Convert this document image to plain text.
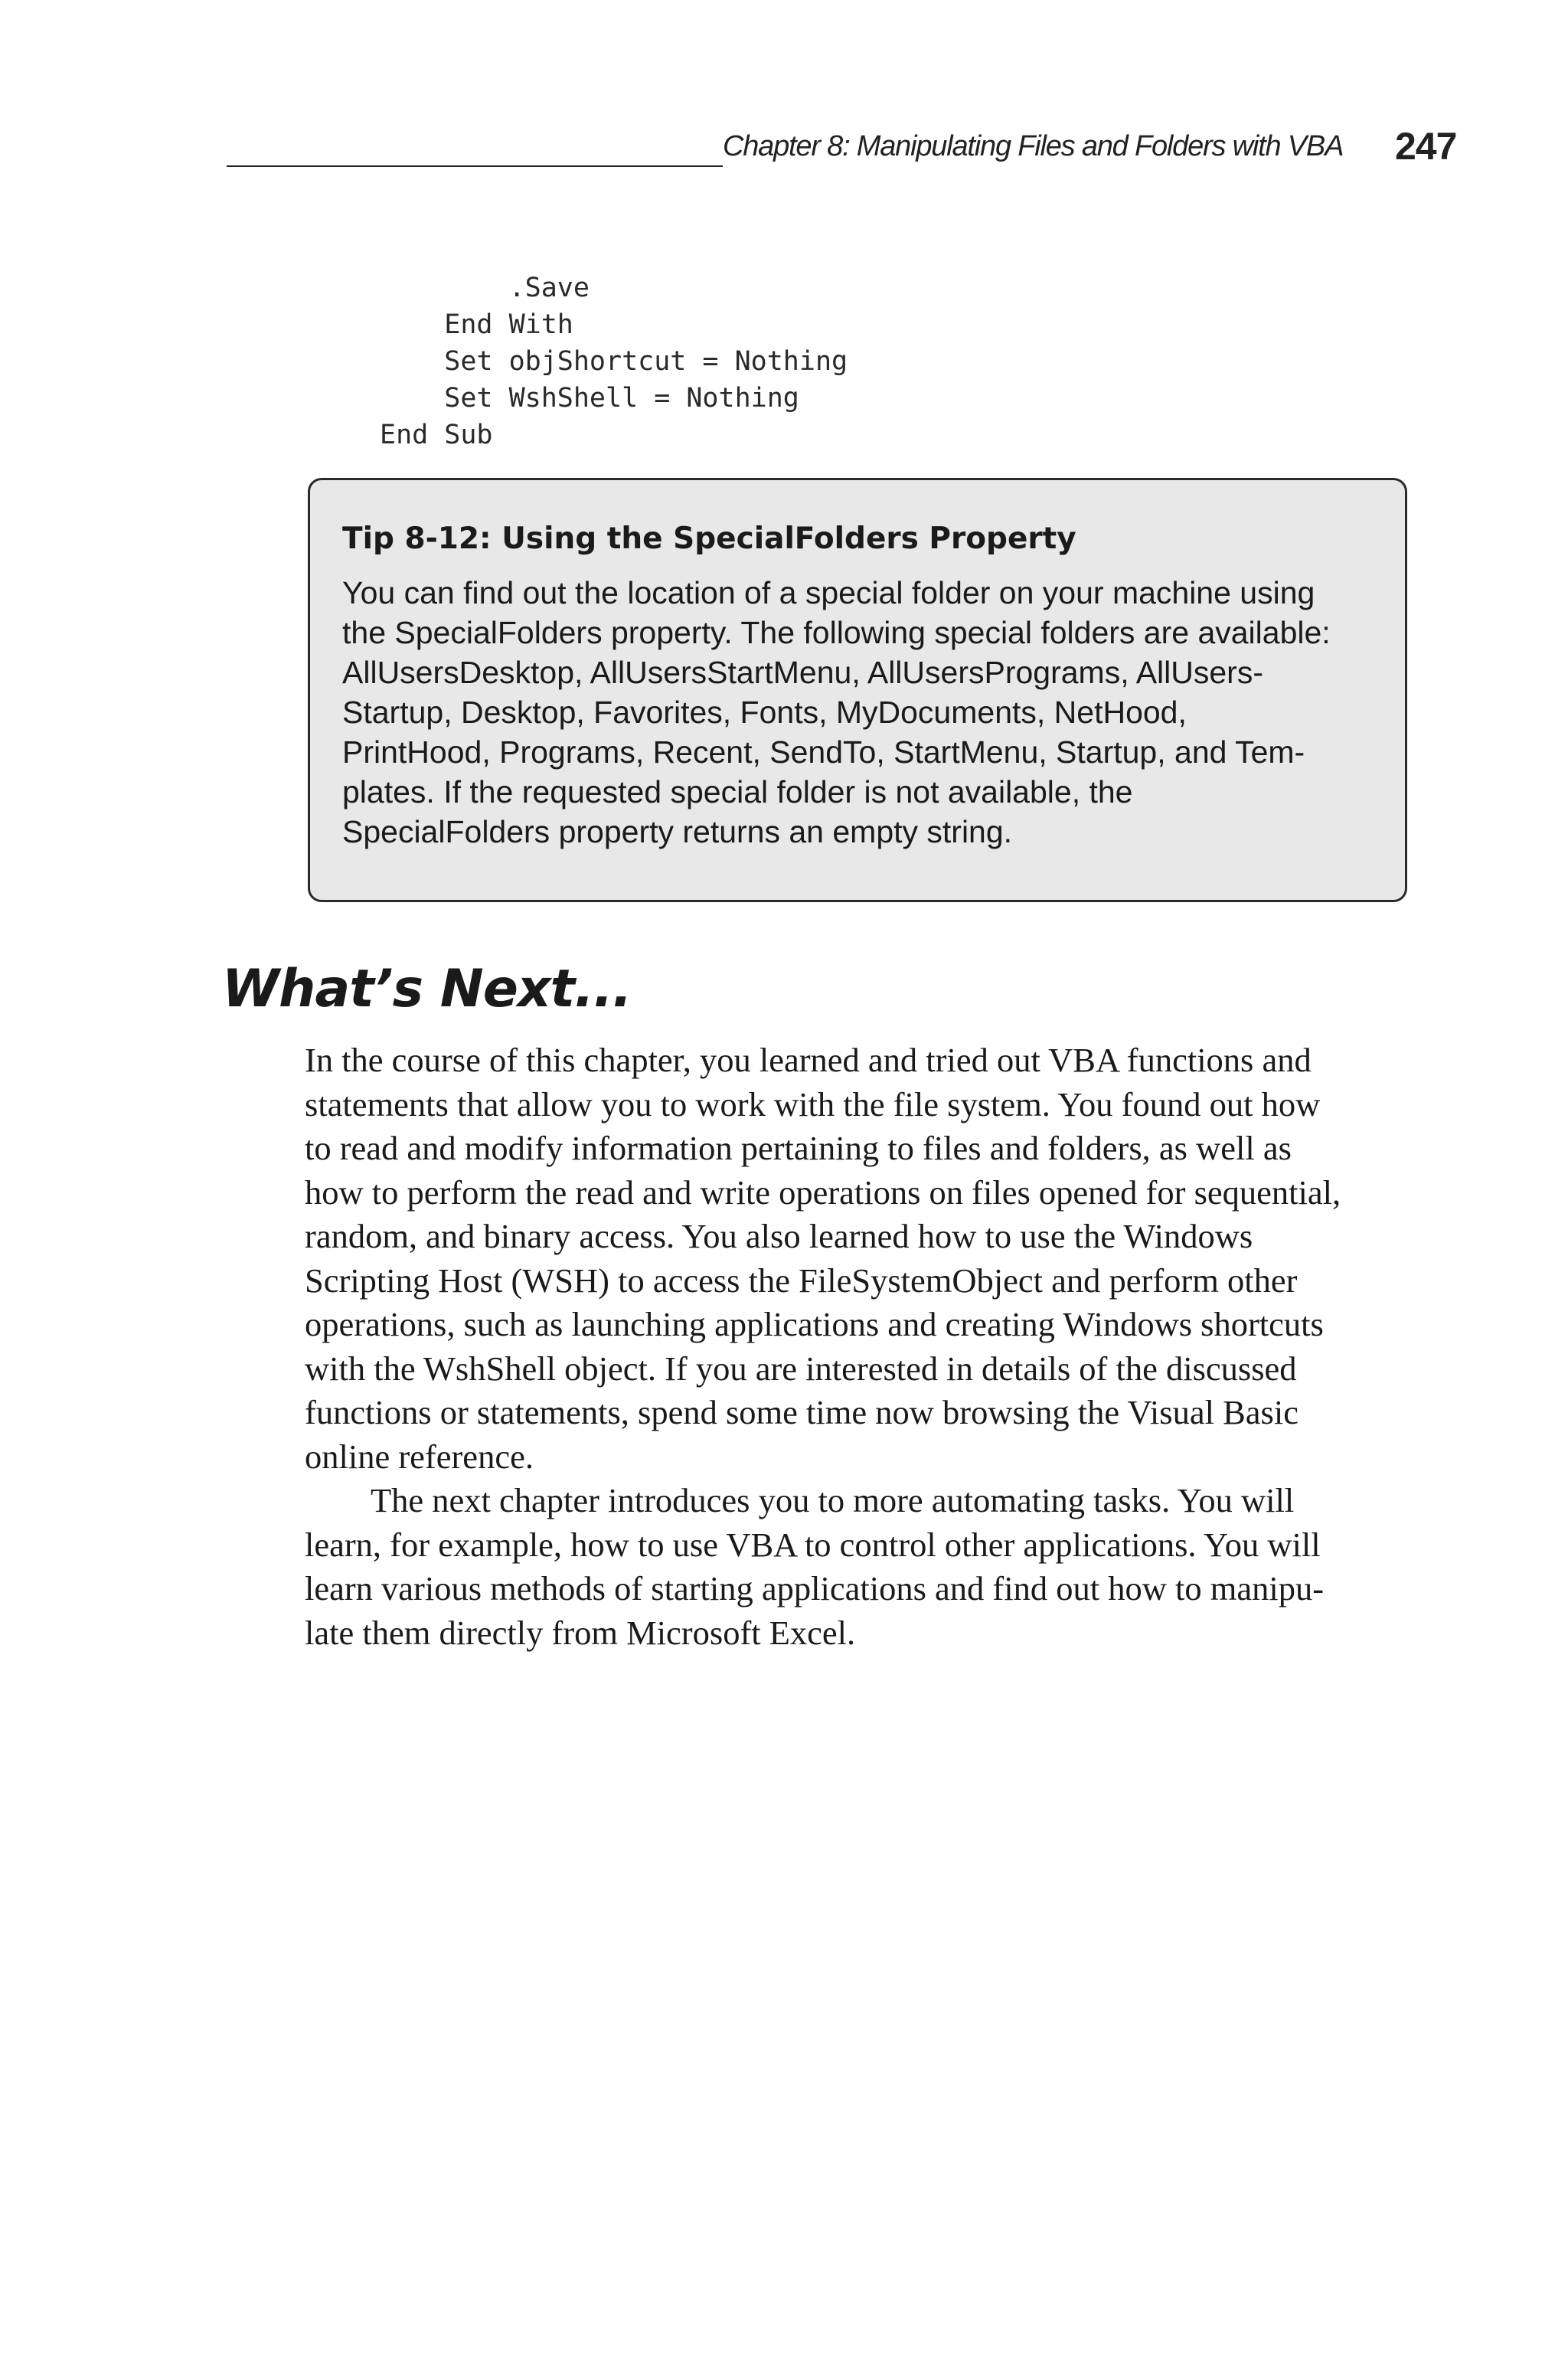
Chapter 8: Manipulating Files and Folders with VBA 247
.Save
End With
Set objShortcut = Nothing
Set WshShell = Nothing
End Sub
Tip 8-12: Using the SpecialFolders Property
You can find out the location of a special folder on your machine using
the SpecialFolders property. The following special folders are available:
AllUsersDesktop, AllUsersStartMenu, AllUsersPrograms, AllUsers-
Startup, Desktop, Favorites, Fonts, MyDocuments, NetHood,
PrintHood, Programs, Recent, SendTo, StartMenu, Startup, and Tem-
plates. If the requested special folder is not available, the
SpecialFolders property returns an empty string.
What’s Next...

In the course of this chapter, you learned and tried out VBA functions and
statements that allow you to work with the file system. You found out how
to read and modify information pertaining to files and folders, as well as
how to perform the read and write operations on files opened for sequential,
random, and binary access. You also learned how to use the Windows
Scripting Host (WSH) to access the FileSystemObject and perform other
operations, such as launching applications and creating Windows shortcuts
with the WshShell object. If you are interested in details of the discussed
functions or statements, spend some time now browsing the Visual Basic
online reference.

The next chapter introduces you to more automating tasks. You will
learn, for example, how to use VBA to control other applications. You will
learn various methods of starting applications and find out how to manipu-
late them directly from Microsoft Excel.
